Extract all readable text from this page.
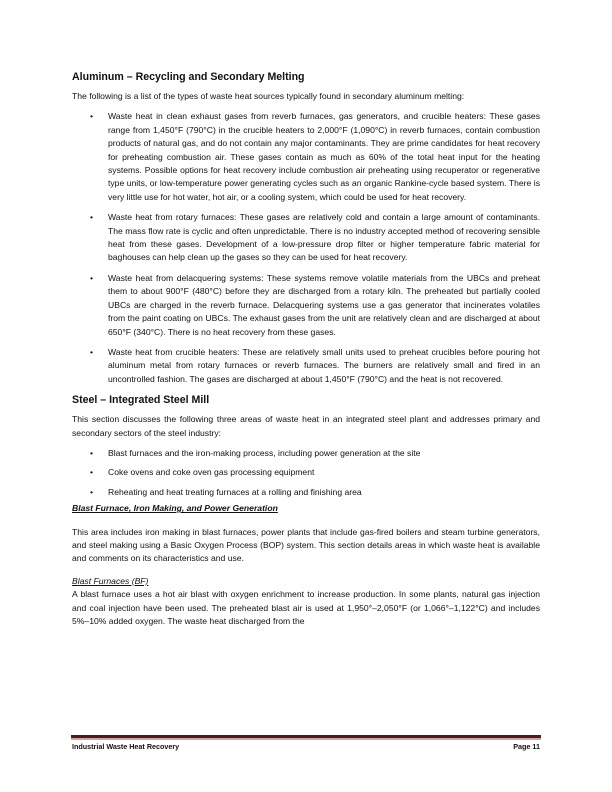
Aluminum – Recycling and Secondary Melting

The following is a list of the types of waste heat sources typically found in secondary aluminum melting:

• Waste heat in clean exhaust gases from reverb furnaces, gas generators, and crucible heaters: These gases range from 1,450°F (790°C) in the crucible heaters to 2,000°F (1,090°C) in reverb furnaces, contain combustion products of natural gas, and do not contain any major contaminants. They are prime candidates for heat recovery for preheating combustion air. These gases contain as much as 60% of the total heat input for the heating systems. Possible options for heat recovery include combustion air preheating using recuperator or regenerative type units, or low-temperature power generating cycles such as an organic Rankine-cycle based system. There is very little use for hot water, hot air, or a cooling system, which could be used for heat recovery.
• Waste heat from rotary furnaces: These gases are relatively cold and contain a large amount of contaminants. The mass flow rate is cyclic and often unpredictable. There is no industry accepted method of recovering sensible heat from these gases. Development of a low-pressure drop filter or higher temperature fabric material for baghouses can help clean up the gases so they can be used for heat recovery.
• Waste heat from delacquering systems: These systems remove volatile materials from the UBCs and preheat them to about 900°F (480°C) before they are discharged from a rotary kiln. The preheated but partially cooled UBCs are charged in the reverb furnace. Delacquering systems use a gas generator that incinerates volatiles from the paint coating on UBCs. The exhaust gases from the unit are relatively clean and are discharged at about 650°F (340°C). There is no heat recovery from these gases.
• Waste heat from crucible heaters: These are relatively small units used to preheat crucibles before pouring hot aluminum metal from rotary furnaces or reverb furnaces. The burners are relatively small and fired in an uncontrolled fashion. The gases are discharged at about 1,450°F (790°C) and the heat is not recovered.
Steel – Integrated Steel Mill

This section discusses the following three areas of waste heat in an integrated steel plant and addresses primary and secondary sectors of the steel industry:

• Blast furnaces and the iron-making process, including power generation at the site
• Coke ovens and coke oven gas processing equipment
• Reheating and heat treating furnaces at a rolling and finishing area
Blast Furnace, Iron Making, and Power Generation

This area includes iron making in blast furnaces, power plants that include gas-fired boilers and steam turbine generators, and steel making using a Basic Oxygen Process (BOP) system. This section details areas in which waste heat is available and comments on its characteristics and use.

Blast Furnaces (BF)

A blast furnace uses a hot air blast with oxygen enrichment to increase production. In some plants, natural gas injection and coal injection have been used. The preheated blast air is used at 1,950°–2,050°F (or 1,066°–1,122°C) and includes 5%–10% added oxygen. The waste heat discharged from the

Industrial Waste Heat Recovery	Page 11
